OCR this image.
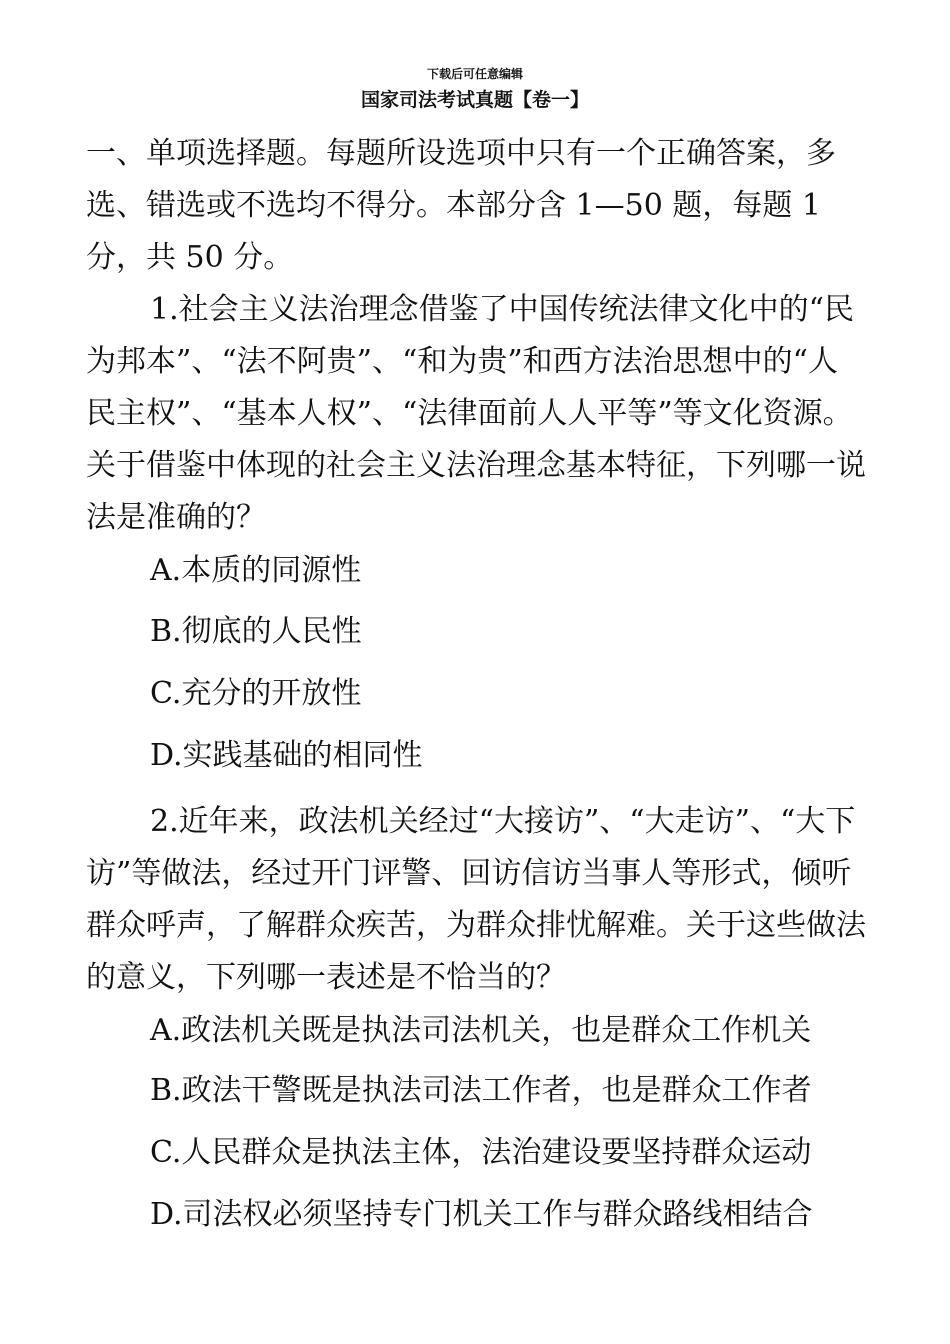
下载后可任意编辑
国家司法考试真题【卷一】

一、单项选择题。每题所设选项中只有一个正确答案，多选、错选或不选均不得分。本部分含 1—50 题，每题 1 分，共 50 分。

1.社会主义法治理念借鉴了中国传统法律文化中的“民为邦本”、“法不阿贵”、“和为贵”和西方法治思想中的“人民主权”、“基本人权”、“法律面前人人平等”等文化资源。关于借鉴中体现的社会主义法治理念基本特征，下列哪一说法是准确的？

A.本质的同源性

B.彻底的人民性

C.充分的开放性

D.实践基础的相同性

2.近年来，政法机关经过“大接访”、“大走访”、“大下访”等做法，经过开门评警、回访信访当事人等形式，倾听群众呼声，了解群众疾苦，为群众排忧解难。关于这些做法的意义，下列哪一表述是不恰当的？

A.政法机关既是执法司法机关，也是群众工作机关

B.政法干警既是执法司法工作者，也是群众工作者

C.人民群众是执法主体，法治建设要坚持群众运动

D.司法权必须坚持专门机关工作与群众路线相结合
